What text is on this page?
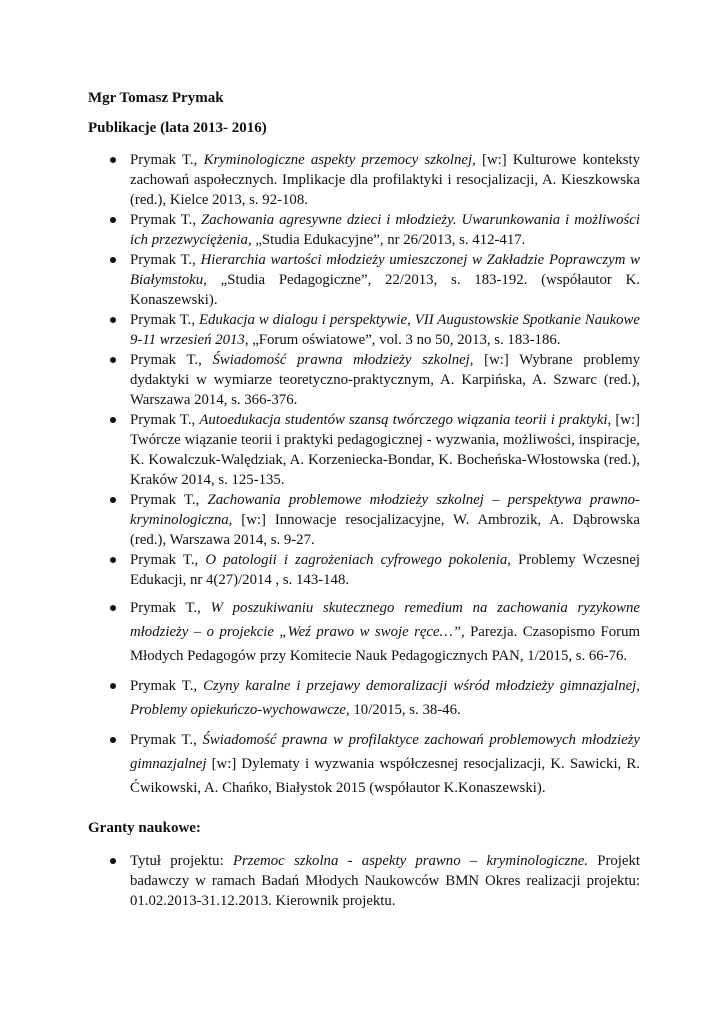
Mgr Tomasz Prymak
Publikacje (lata 2013- 2016)
Prymak T., Kryminologiczne aspekty przemocy szkolnej, [w:] Kulturowe konteksty zachowań aspołecznych. Implikacje dla profilaktyki i resocjalizacji, A. Kieszkowska (red.), Kielce 2013, s. 92-108.
Prymak T., Zachowania agresywne dzieci i młodzieży. Uwarunkowania i możliwości ich przezwyciężenia, „Studia Edukacyjne”, nr 26/2013, s. 412-417.
Prymak T., Hierarchia wartości młodzieży umieszczonej w Zakładzie Poprawczym w Białymstoku, „Studia Pedagogiczne”, 22/2013, s. 183-192. (współautor K. Konaszewski).
Prymak T., Edukacja w dialogu i perspektywie, VII Augustowskie Spotkanie Naukowe 9-11 wrzesień 2013, „Forum oświatowe”, vol. 3 no 50, 2013, s. 183-186.
Prymak T., Świadomość prawna młodzieży szkolnej, [w:] Wybrane problemy dydaktyki w wymiarze teoretyczno-praktycznym, A. Karpińska, A. Szwarc (red.), Warszawa 2014, s. 366-376.
Prymak T., Autoedukacja studentów szansą twórczego wiązania teorii i praktyki, [w:] Twórcze wiązanie teorii i praktyki pedagogicznej - wyzwania, możliwości, inspiracje, K. Kowalczuk-Walędziak, A. Korzeniecka-Bondar, K. Bocheńska-Włostowska (red.), Kraków 2014, s. 125-135.
Prymak T., Zachowania problemowe młodzieży szkolnej – perspektywa prawno-kryminologiczna, [w:] Innowacje resocjalizacyjne, W. Ambrozik, A. Dąbrowska (red.), Warszawa 2014, s. 9-27.
Prymak T., O patologii i zagrożeniach cyfrowego pokolenia, Problemy Wczesnej Edukacji, nr 4(27)/2014 , s. 143-148.
Prymak T., W poszukiwaniu skutecznego remedium na zachowania ryzykowne młodzieży – o projekcie „Weź prawo w swoje ręce…”, Parezja. Czasopismo Forum Młodych Pedagogów przy Komitecie Nauk Pedagogicznych PAN, 1/2015, s. 66-76.
Prymak T., Czyny karalne i przejawy demoralizacji wśród młodzieży gimnazjalnej, Problemy opiekuńczo-wychowawcze, 10/2015, s. 38-46.
Prymak T., Świadomość prawna w profilaktyce zachowań problemowych młodzieży gimnazjalnej [w:] Dylematy i wyzwania współczesnej resocjalizacji, K. Sawicki, R. Ćwikowski, A. Chańko, Białystok 2015 (współautor K.Konaszewski).
Granty naukowe:
Tytuł projektu: Przemoc szkolna - aspekty prawno – kryminologiczne. Projekt badawczy w ramach Badań Młodych Naukowców BMN Okres realizacji projektu: 01.02.2013-31.12.2013. Kierownik projektu.
